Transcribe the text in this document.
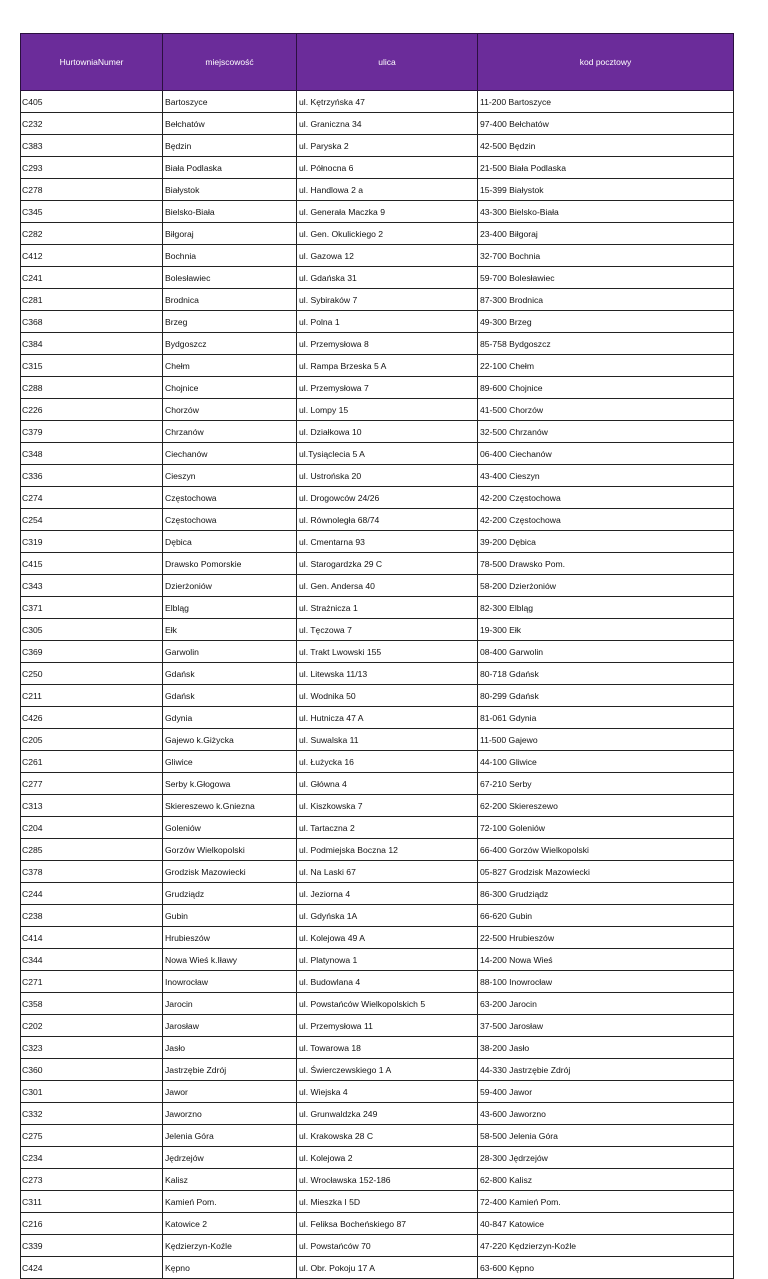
HurtowniaNumer	miejscowość	ulica	kod pocztowy
C405	Bartoszyce	ul. Kętrzyńska 47	11-200 Bartoszyce
C232	Bełchatów	ul. Graniczna 34	97-400 Bełchatów
C383	Będzin	ul. Paryska 2	42-500 Będzin
C293	Biała Podlaska	ul. Północna 6	21-500 Biała Podlaska
C278	Białystok	ul. Handlowa 2 a	15-399 Białystok
C345	Bielsko-Biała	ul. Generała Maczka 9	43-300 Bielsko-Biała
C282	Biłgoraj	ul. Gen. Okulickiego 2	23-400 Biłgoraj
C412	Bochnia	ul. Gazowa 12	32-700 Bochnia
C241	Bolesławiec	ul. Gdańska 31	59-700 Bolesławiec
C281	Brodnica	ul. Sybiraków 7	87-300 Brodnica
C368	Brzeg	ul. Polna 1	49-300 Brzeg
C384	Bydgoszcz	ul. Przemysłowa 8	85-758 Bydgoszcz
C315	Chełm	ul. Rampa Brzeska 5 A	22-100 Chełm
C288	Chojnice	ul. Przemysłowa 7	89-600 Chojnice
C226	Chorzów	ul. Lompy 15	41-500 Chorzów
C379	Chrzanów	ul. Działkowa 10	32-500 Chrzanów
C348	Ciechanów	ul.Tysiąclecia 5 A	06-400 Ciechanów
C336	Cieszyn	ul. Ustrońska 20	43-400 Cieszyn
C274	Częstochowa	ul. Drogowców 24/26	42-200 Częstochowa
C254	Częstochowa	ul. Równoległa 68/74	42-200 Częstochowa
C319	Dębica	ul. Cmentarna 93	39-200 Dębica
C415	Drawsko Pomorskie	ul. Starogardzka 29 C	78-500 Drawsko Pom.
C343	Dzierżoniów	ul. Gen. Andersa 40	58-200 Dzierżoniów
C371	Elbląg	ul. Strażnicza 1	82-300 Elbląg
C305	Ełk	ul. Tęczowa 7	19-300 Ełk
C369	Garwolin	ul. Trakt Lwowski 155	08-400 Garwolin
C250	Gdańsk	ul. Litewska 11/13	80-718 Gdańsk
C211	Gdańsk	ul. Wodnika 50	80-299 Gdańsk
C426	Gdynia	ul. Hutnicza 47 A	81-061 Gdynia
C205	Gajewo k.Giżycka	ul. Suwalska 11	11-500 Gajewo
C261	Gliwice	ul. Łużycka 16	44-100 Gliwice
C277	Serby k.Głogowa	ul. Główna 4	67-210 Serby
C313	Skiereszewo k.Gniezna	ul. Kiszkowska 7	62-200 Skiereszewo
C204	Goleniów	ul. Tartaczna 2	72-100 Goleniów
C285	Gorzów Wielkopolski	ul. Podmiejska Boczna 12	66-400 Gorzów Wielkopolski
C378	Grodzisk Mazowiecki	ul. Na Laski 67	05-827 Grodzisk Mazowiecki
C244	Grudziądz	ul. Jeziorna 4	86-300 Grudziądz
C238	Gubin	ul. Gdyńska 1A	66-620 Gubin
C414	Hrubieszów	ul. Kolejowa 49 A	22-500 Hrubieszów
C344	Nowa Wieś k.Iławy	ul. Platynowa 1	14-200 Nowa Wieś
C271	Inowrocław	ul. Budowlana 4	88-100 Inowrocław
C358	Jarocin	ul. Powstańców Wielkopolskich 5	63-200 Jarocin
C202	Jarosław	ul. Przemysłowa 11	37-500 Jarosław
C323	Jasło	ul. Towarowa 18	38-200 Jasło
C360	Jastrzębie Zdrój	ul. Świerczewskiego 1 A	44-330 Jastrzębie Zdrój
C301	Jawor	ul. Wiejska 4	59-400 Jawor
C332	Jaworzno	ul. Grunwaldzka 249	43-600 Jaworzno
C275	Jelenia Góra	ul. Krakowska 28 C	58-500 Jelenia Góra
C234	Jędrzejów	ul. Kolejowa 2	28-300 Jędrzejów
C273	Kalisz	ul. Wrocławska 152-186	62-800 Kalisz
C311	Kamień Pom.	ul. Mieszka I 5D	72-400 Kamień Pom.
C216	Katowice 2	ul. Feliksa Bocheńskiego 87	40-847 Katowice
C339	Kędzierzyn-Koźle	ul. Powstańców 70	47-220 Kędzierzyn-Koźle
C424	Kępno	ul. Obr. Pokoju 17 A	63-600 Kępno
